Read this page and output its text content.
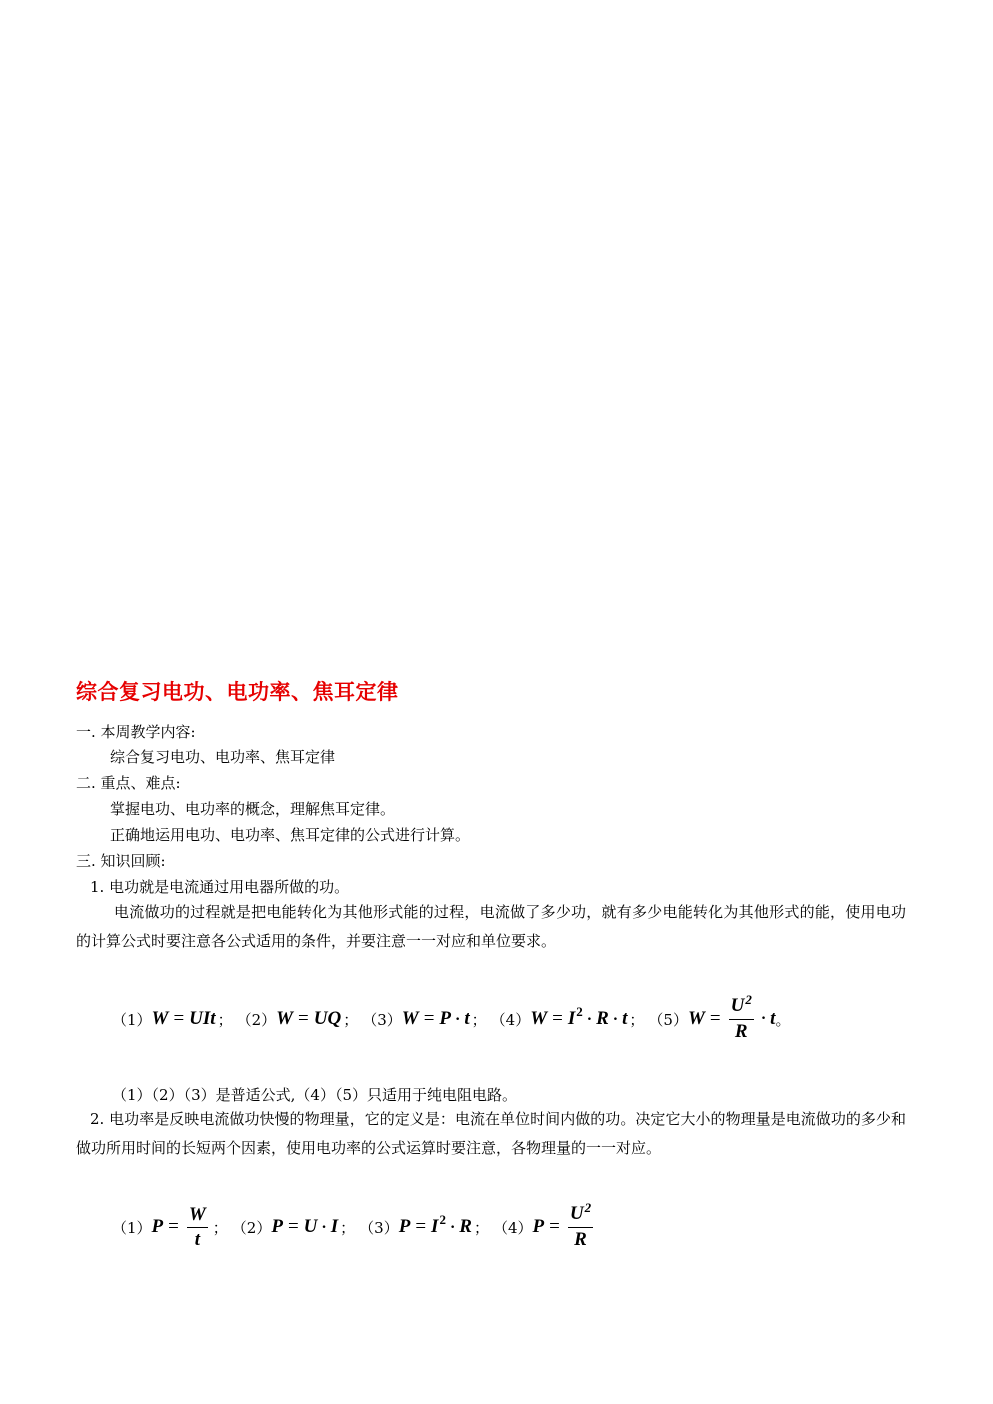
综合复习电功、电功率、焦耳定律
一. 本周教学内容:
综合复习电功、电功率、焦耳定律
二. 重点、难点:
掌握电功、电功率的概念，理解焦耳定律。
正确地运用电功、电功率、焦耳定律的公式进行计算。
三. 知识回顾:
1. 电功就是电流通过用电器所做的功。
电流做功的过程就是把电能转化为其他形式能的过程，电流做了多少功，就有多少电能转化为其他形式的能，使用电功的计算公式时要注意各公式适用的条件，并要注意一一对应和单位要求。
（1） W = UIt ； （2） W = UQ ； （3） W = P · t ； （4） W = I2 · R · t ； （5） $W = \frac{U^2}{R} \cdot t$ 。
（1）（2）（3）是普适公式,（4）（5）只适用于纯电阻电路。
2. 电功率是反映电流做功快慢的物理量，它的定义是：电流在单位时间内做的功。决定它大小的物理量是电流做功的多少和做功所用时间的长短两个因素，使用电功率的公式运算时要注意，各物理量的一一对应。
（1） $P = \frac{W}{t}$ ； （2） P = U · I ； （3） P = I2 · R ； （4） $P = \frac{U^2}{R}$
